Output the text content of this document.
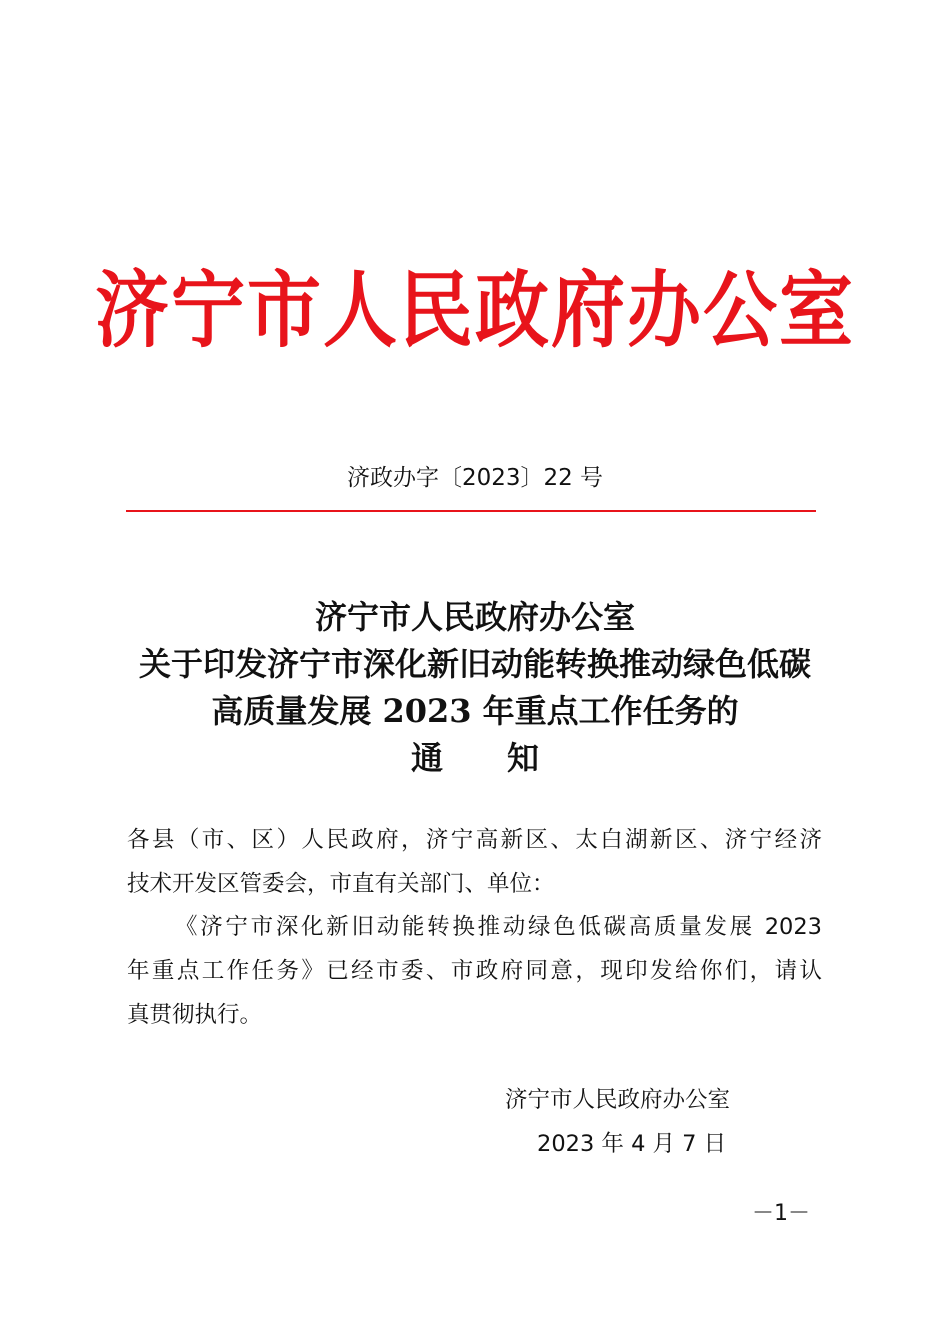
济宁市人民政府办公室
济政办字〔2023〕22 号
济宁市人民政府办公室
关于印发济宁市深化新旧动能转换推动绿色低碳
高质量发展 2023 年重点工作任务的
通 知
各县（市、区）人民政府，济宁高新区、太白湖新区、济宁经济
技术开发区管委会，市直有关部门、单位：
《济宁市深化新旧动能转换推动绿色低碳高质量发展 2023
年重点工作任务》已经市委、市政府同意，现印发给你们，请认
真贯彻执行。
济宁市人民政府办公室
2023 年 4 月 7 日
－1－
